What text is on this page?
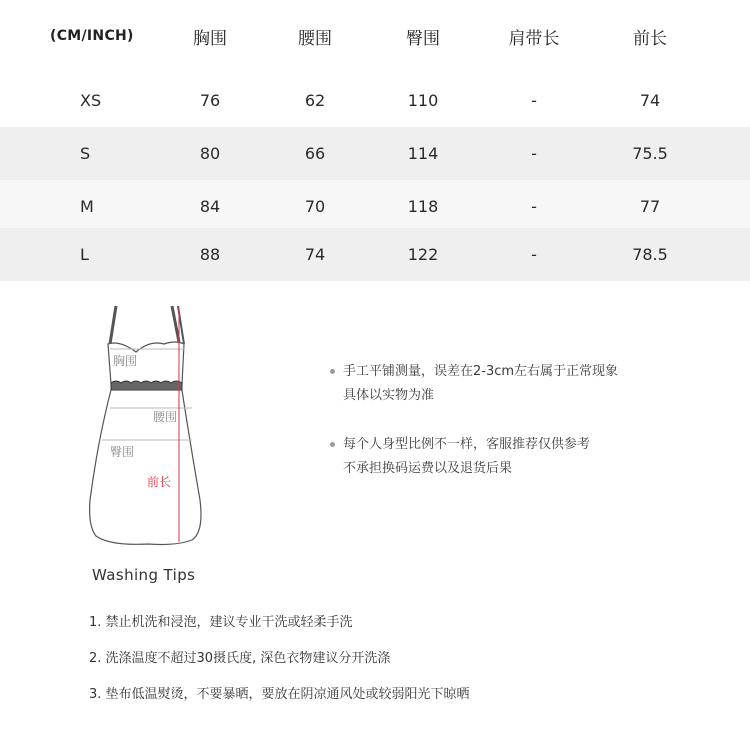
(CM/INCH)	胸围	腰围	臀围	肩带长	前长
XS	76	62	110	-	74
S	80	66	114	-	75.5
M	84	70	118	-	77
L	88	74	122	-	78.5
胸围
腰围
臀围
前长
Washing Tips
手工平铺测量，误差在2-3cm左右属于正常现象
具体以实物为准
每个人身型比例不一样，客服推荐仅供参考
不承担换码运费以及退货后果
1. 禁止机洗和浸泡，建议专业干洗或轻柔手洗
2. 洗涤温度不超过30摄氏度, 深色衣物建议分开洗涤
3. 垫布低温熨烫，不要暴晒，要放在阴凉通风处或较弱阳光下晾晒
